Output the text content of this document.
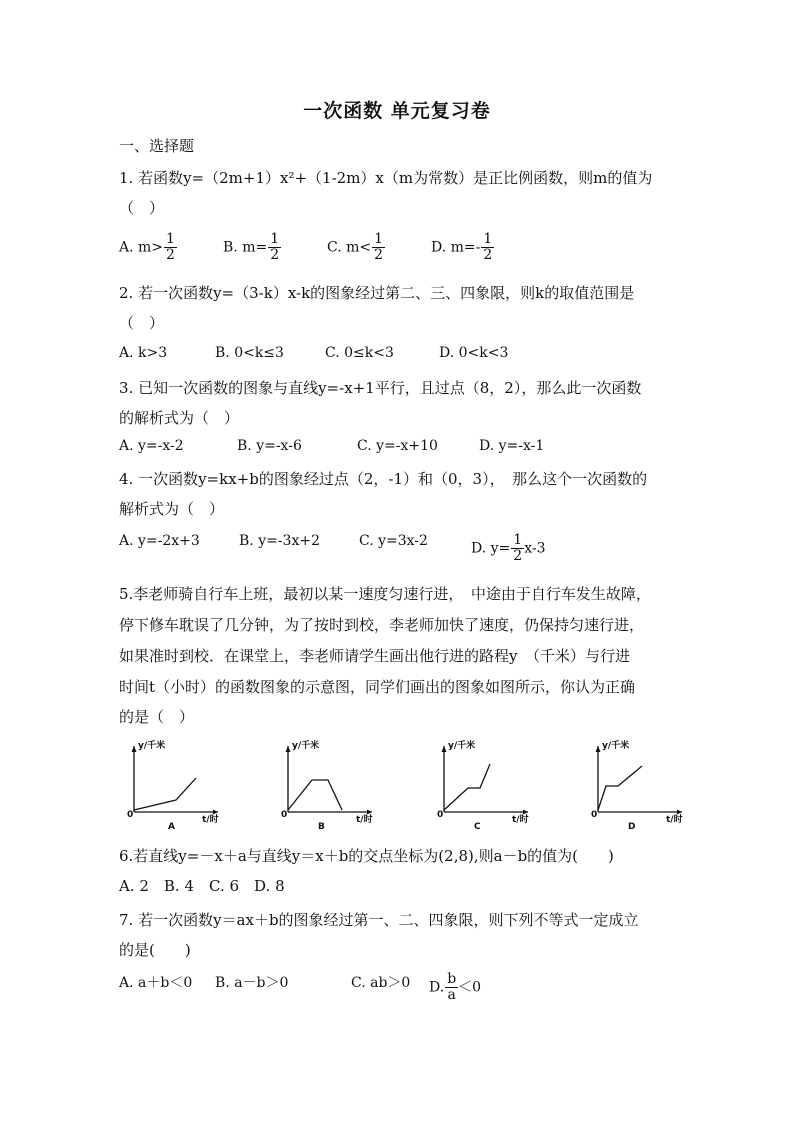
一次函数 单元复习卷
一、选择题
1. 若函数y=（2m+1）x²+（1-2m）x（m为常数）是正比例函数，则m的值为
（　）
A. $m> \frac{1}{2}$	B. $m= \frac{1}{2}$	C. $m< \frac{1}{2}$	D. $m=- \frac{1}{2}$
2. 若一次函数y=（3-k）x-k的图象经过第二、三、四象限，则k的取值范围是
（　）
A. k>3	B. 0<k≤3	C. 0≤k<3	D. 0<k<3
3. 已知一次函数的图象与直线y=-x+1平行，且过点（8，2），那么此一次函数
的解析式为（　）
A. y=-x-2	B. y=-x-6	C. y=-x+10	D. y=-x-1
4. 一次函数y=kx+b的图象经过点（2，-1）和（0，3），　那么这个一次函数的
解析式为（　）
A. y=-2x+3	B. y=-3x+2	C. y=3x-2	D. $y= \frac{1}{2} x-3$
5.李老师骑自行车上班，最初以某一速度匀速行进，　中途由于自行车发生故障，
停下修车耽误了几分钟，为了按时到校，李老师加快了速度，仍保持匀速行进，
如果准时到校．在课堂上，李老师请学生画出他行进的路程y　（千米）与行进
时间t（小时）的函数图象的示意图，同学们画出的图象如图所示，你认为正确
的是（　）
y/千米
t/时
0
A
y/千米
t/时
0
B
y/千米
t/时
0
C
y/千米
t/时
0
D
6.若直线y=－x＋a与直线y＝x＋b的交点坐标为(2,8),则a－b的值为(　　)
A. 2　B. 4　C. 6　D. 8
7. 若一次函数y＝ax＋b的图象经过第一、二、四象限，则下列不等式一定成立
的是(　　)
A. a＋b＜0 B. a－b＞0	C. ab＞0 D. $\frac{b}{a} <0$
